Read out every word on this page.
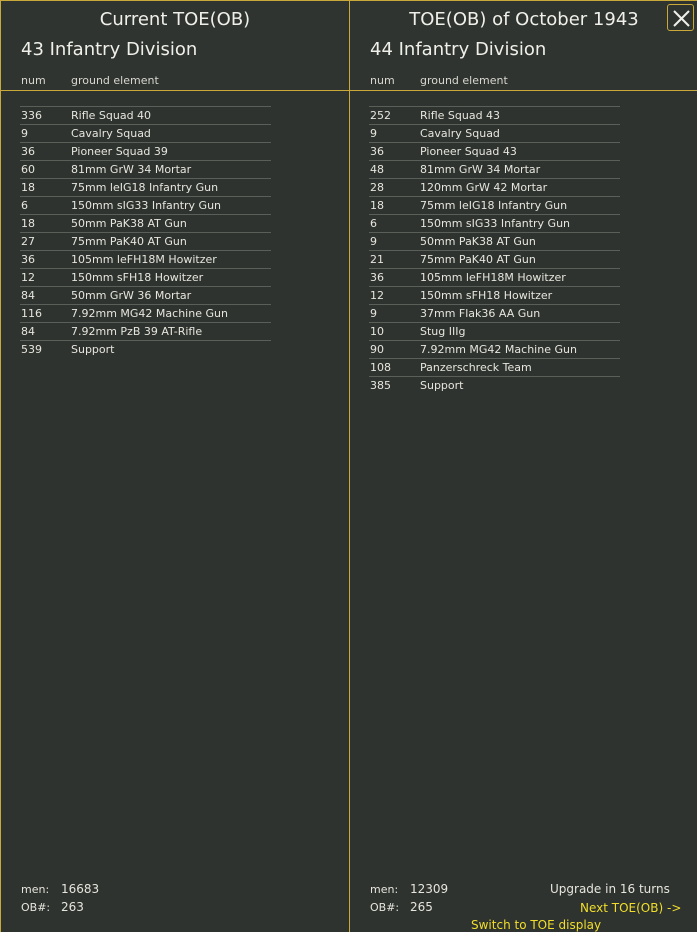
Current TOE(OB)
43 Infantry Division
num ground element
336	Rifle Squad 40
9	Cavalry Squad
36	Pioneer Squad 39
60	81mm GrW 34 Mortar
18	75mm leIG18 Infantry Gun
6	150mm sIG33 Infantry Gun
18	50mm PaK38 AT Gun
27	75mm PaK40 AT Gun
36	105mm leFH18M Howitzer
12	150mm sFH18 Howitzer
84	50mm GrW 36 Mortar
116	7.92mm MG42 Machine Gun
84	7.92mm PzB 39 AT-Rifle
539	Support
men: 16683
OB#: 263
TOE(OB) of October 1943
44 Infantry Division
num ground element
252	Rifle Squad 43
9	Cavalry Squad
36	Pioneer Squad 43
48	81mm GrW 34 Mortar
28	120mm GrW 42 Mortar
18	75mm leIG18 Infantry Gun
6	150mm sIG33 Infantry Gun
9	50mm PaK38 AT Gun
21	75mm PaK40 AT Gun
36	105mm leFH18M Howitzer
12	150mm sFH18 Howitzer
9	37mm Flak36 AA Gun
10	Stug IIIg
90	7.92mm MG42 Machine Gun
108	Panzerschreck Team
385	Support
men: 12309
OB#: 265
Upgrade in 16 turns
Next TOE(OB) ->
Switch to TOE display
